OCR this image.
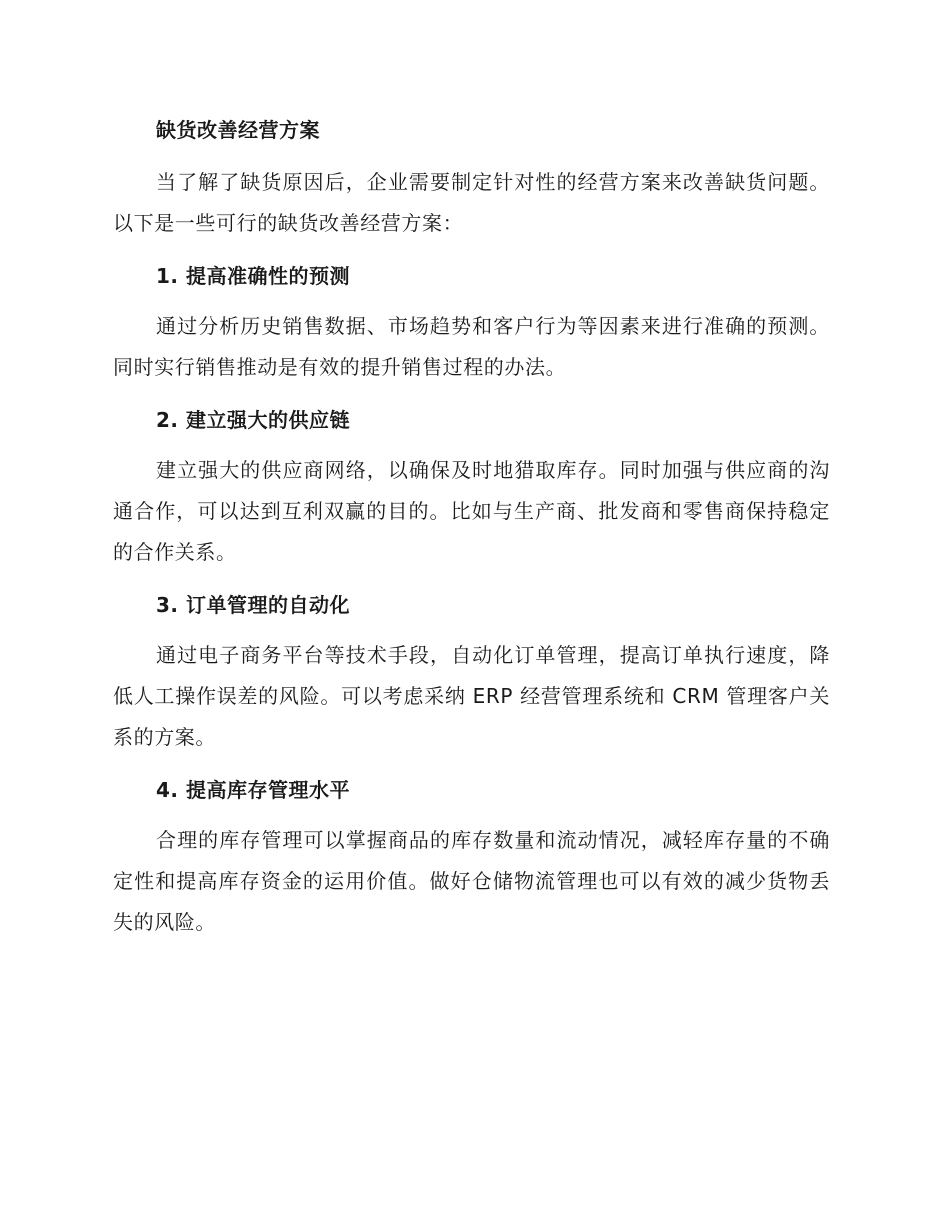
缺货改善经营方案

当了解了缺货原因后，企业需要制定针对性的经营方案来改善缺货问题。以下是一些可行的缺货改善经营方案：

1. 提高准确性的预测

通过分析历史销售数据、市场趋势和客户行为等因素来进行准确的预测。同时实行销售推动是有效的提升销售过程的办法。

2. 建立强大的供应链

建立强大的供应商网络，以确保及时地猎取库存。同时加强与供应商的沟通合作，可以达到互利双赢的目的。比如与生产商、批发商和零售商保持稳定的合作关系。

3. 订单管理的自动化

通过电子商务平台等技术手段，自动化订单管理，提高订单执行速度，降低人工操作误差的风险。可以考虑采纳 ERP 经营管理系统和 CRM 管理客户关系的方案。

4. 提高库存管理水平

合理的库存管理可以掌握商品的库存数量和流动情况，减轻库存量的不确定性和提高库存资金的运用价值。做好仓储物流管理也可以有效的减少货物丢失的风险。
